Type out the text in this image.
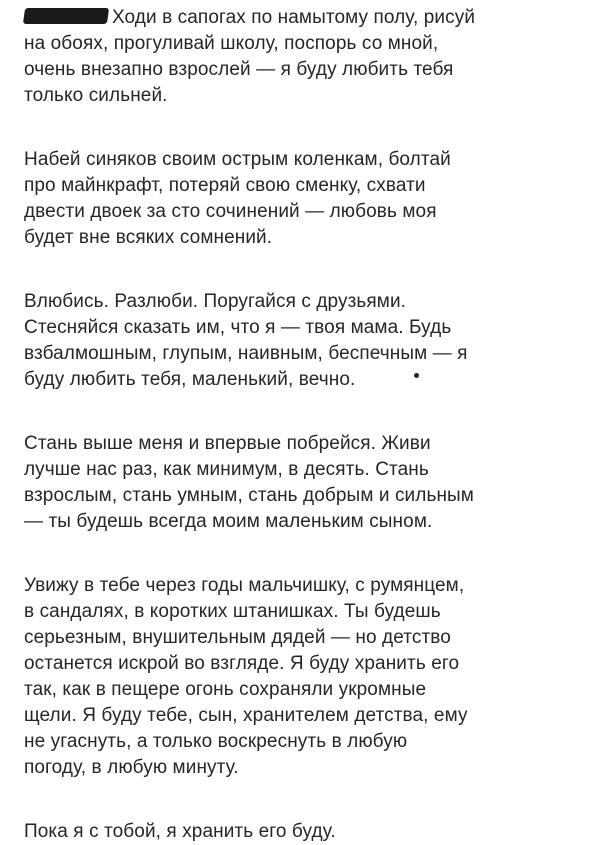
Ходи в сапогах по намытому полу, рисуй
на обоях, прогуливай школу, поспорь со мной,
очень внезапно взрослей — я буду любить тебя
только сильней.

Набей синяков своим острым коленкам, болтай
про майнкрафт, потеряй свою сменку, схвати
двести двоек за сто сочинений — любовь моя
будет вне всяких сомнений.

Влюбись. Разлюби. Поругайся с друзьями.
Стесняйся сказать им, что я — твоя мама. Будь
взбалмошным, глупым, наивным, беспечным — я
буду любить тебя, маленький, вечно.

Стань выше меня и впервые побрейся. Живи
лучше нас раз, как минимум, в десять. Стань
взрослым, стань умным, стань добрым и сильным
— ты будешь всегда моим маленьким сыном.

Увижу в тебе через годы мальчишку, с румянцем,
в сандалях, в коротких штанишках. Ты будешь
серьезным, внушительным дядей — но детство
останется искрой во взгляде. Я буду хранить его
так, как в пещере огонь сохраняли укромные
щели. Я буду тебе, сын, хранителем детства, ему
не угаснуть, а только воскреснуть в любую
погоду, в любую минуту.

Пока я с тобой, я хранить его буду.
